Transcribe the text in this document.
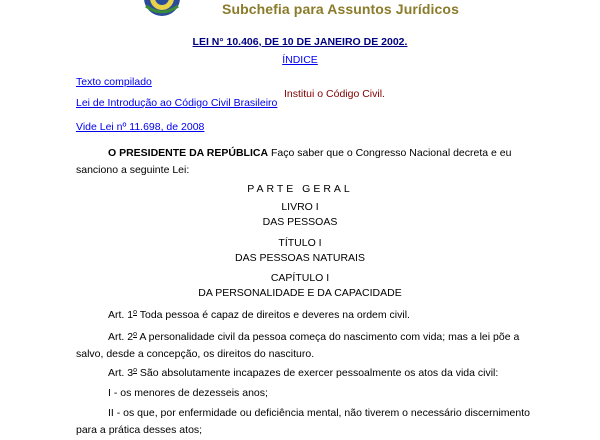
Subchefia para Assuntos Jurídicos
LEI N° 10.406, DE 10 DE JANEIRO DE 2002.
ÍNDICE
Texto compilado
Lei de Introdução ao Código Civil Brasileiro
Vide Lei nº 11.698, de 2008
Institui o Código Civil.
O PRESIDENTE DA REPÚBLICA Faço saber que o Congresso Nacional decreta e eu sanciono a seguinte Lei:
PARTE GERAL
LIVRO I
DAS PESSOAS
TÍTULO I
DAS PESSOAS NATURAIS
CAPÍTULO I
DA PERSONALIDADE E DA CAPACIDADE
Art. 1$^o$ Toda pessoa é capaz de direitos e deveres na ordem civil.
Art. 2$^o$ A personalidade civil da pessoa começa do nascimento com vida; mas a lei põe a salvo, desde a concepção, os direitos do nascituro.
Art. 3$^o$ São absolutamente incapazes de exercer pessoalmente os atos da vida civil:
I - os menores de dezesseis anos;
II - os que, por enfermidade ou deficiência mental, não tiverem o necessário discernimento para a prática desses atos;
